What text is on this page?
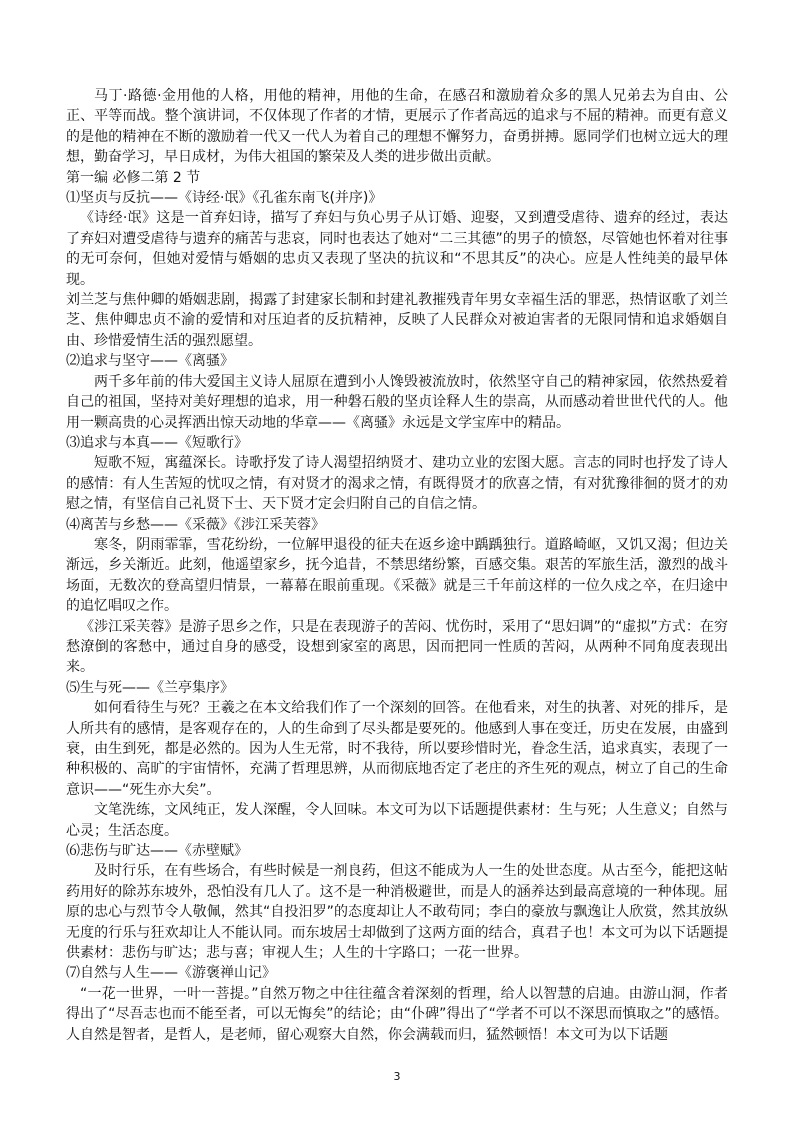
马丁·路德·金用他的人格，用他的精神，用他的生命，在感召和激励着众多的黑人兄弟去为自由、公正、平等而战。整个演讲词，不仅体现了作者的才情，更展示了作者高远的追求与不屈的精神。而更有意义的是他的精神在不断的激励着一代又一代人为着自己的理想不懈努力，奋勇拼搏。愿同学们也树立远大的理想，勤奋学习，早日成材，为伟大祖国的繁荣及人类的进步做出贡献。

第一编 必修二第 2 节

⑴坚贞与反抗——《诗经·氓》《孔雀东南飞(并序)》

《诗经·氓》这是一首弃妇诗，描写了弃妇与负心男子从订婚、迎娶，又到遭受虐待、遗弃的经过，表达了弃妇对遭受虐待与遗弃的痛苦与悲哀，同时也表达了她对“二三其德”的男子的愤怒，尽管她也怀着对往事的无可奈何，但她对爱情与婚姻的忠贞又表现了坚决的抗议和“不思其反”的决心。应是人性纯美的最早体现。

刘兰芝与焦仲卿的婚姻悲剧，揭露了封建家长制和封建礼教摧残青年男女幸福生活的罪恶，热情讴歌了刘兰芝、焦仲卿忠贞不渝的爱情和对压迫者的反抗精神，反映了人民群众对被迫害者的无限同情和追求婚姻自由、珍惜爱情生活的强烈愿望。

⑵追求与坚守——《离骚》

两千多年前的伟大爱国主义诗人屈原在遭到小人馋毁被流放时，依然坚守自己的精神家园，依然热爱着自己的祖国，坚持对美好理想的追求，用一种磐石般的坚贞诠释人生的崇高，从而感动着世世代代的人。他用一颗高贵的心灵挥洒出惊天动地的华章——《离骚》永远是文学宝库中的精品。

⑶追求与本真——《短歌行》

短歌不短，寓蕴深长。诗歌抒发了诗人渴望招纳贤才、建功立业的宏图大愿。言志的同时也抒发了诗人的感情：有人生苦短的忧叹之情，有对贤才的渴求之情，有既得贤才的欣喜之情，有对犹豫徘徊的贤才的劝慰之情，有坚信自己礼贤下士、天下贤才定会归附自己的自信之情。

⑷离苦与乡愁——《采薇》《涉江采芙蓉》

寒冬，阴雨霏霏，雪花纷纷，一位解甲退役的征夫在返乡途中踽踽独行。道路崎岖，又饥又渴；但边关渐远，乡关渐近。此刻，他遥望家乡，抚今追昔，不禁思绪纷繁，百感交集。艰苦的军旅生活，激烈的战斗场面，无数次的登高望归情景，一幕幕在眼前重现。《采薇》就是三千年前这样的一位久戍之卒，在归途中的追忆唱叹之作。

《涉江采芙蓉》是游子思乡之作，只是在表现游子的苦闷、忧伤时，采用了“思妇调”的“虚拟”方式：在穷愁潦倒的客愁中，通过自身的感受，设想到家室的离思，因而把同一性质的苦闷，从两种不同角度表现出来。

⑸生与死——《兰亭集序》

如何看待生与死？王羲之在本文给我们作了一个深刻的回答。在他看来，对生的执著、对死的排斥，是人所共有的感情，是客观存在的，人的生命到了尽头都是要死的。他感到人事在变迁，历史在发展，由盛到衰，由生到死，都是必然的。因为人生无常，时不我待，所以要珍惜时光，眷念生活，追求真实，表现了一种积极的、高旷的宇宙情怀，充满了哲理思辨，从而彻底地否定了老庄的齐生死的观点，树立了自己的生命意识——“死生亦大矣”。

文笔洗练，文风纯正，发人深醒，令人回味。本文可为以下话题提供素材：生与死；人生意义；自然与心灵；生活态度。

⑹悲伤与旷达——《赤壁赋》

及时行乐，在有些场合，有些时候是一剂良药，但这不能成为人一生的处世态度。从古至今，能把这帖药用好的除苏东坡外，恐怕没有几人了。这不是一种消极避世，而是人的涵养达到最高意境的一种体现。屈原的忠心与烈节令人敬佩，然其“自投汨罗”的态度却让人不敢苟同；李白的豪放与飘逸让人欣赏，然其放纵无度的行乐与狂欢却让人不能认同。而东坡居士却做到了这两方面的结合，真君子也！本文可为以下话题提供素材：悲伤与旷达；悲与喜；审视人生；人生的十字路口；一花一世界。

⑺自然与人生——《游褒禅山记》

“一花一世界，一叶一菩提。”自然万物之中往往蕴含着深刻的哲理，给人以智慧的启迪。由游山洞，作者得出了“尽吾志也而不能至者，可以无悔矣”的结论；由“仆碑”得出了“学者不可以不深思而慎取之”的感悟。人自然是智者，是哲人，是老师，留心观察大自然，你会满载而归，猛然顿悟！本文可为以下话题

3
